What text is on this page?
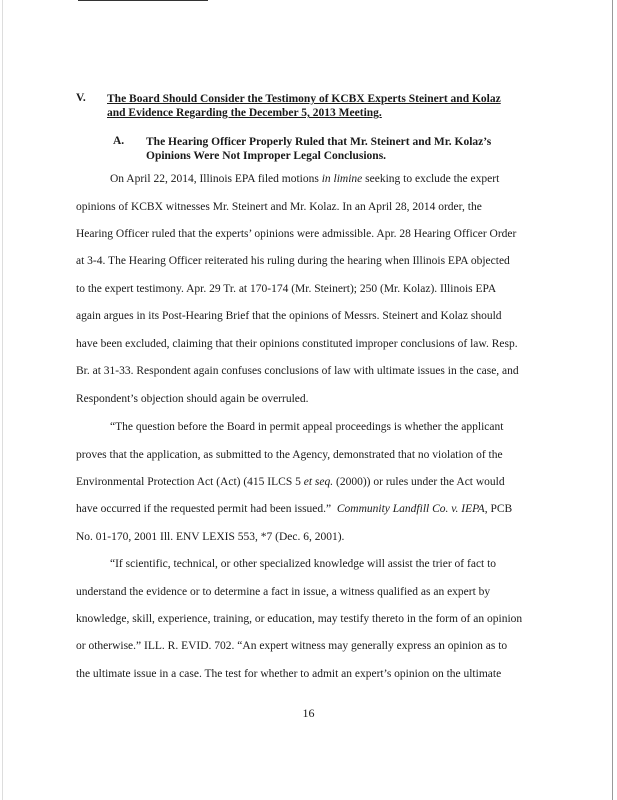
V. The Board Should Consider the Testimony of KCBX Experts Steinert and Kolaz
and Evidence Regarding the December 5, 2013 Meeting.
A. The Hearing Officer Properly Ruled that Mr. Steinert and Mr. Kolaz’s
Opinions Were Not Improper Legal Conclusions.
On April 22, 2014, Illinois EPA filed motions in limine seeking to exclude the expert
opinions of KCBX witnesses Mr. Steinert and Mr. Kolaz. In an April 28, 2014 order, the
Hearing Officer ruled that the experts’ opinions were admissible. Apr. 28 Hearing Officer Order
at 3-4. The Hearing Officer reiterated his ruling during the hearing when Illinois EPA objected
to the expert testimony. Apr. 29 Tr. at 170-174 (Mr. Steinert); 250 (Mr. Kolaz). Illinois EPA
again argues in its Post-Hearing Brief that the opinions of Messrs. Steinert and Kolaz should
have been excluded, claiming that their opinions constituted improper conclusions of law. Resp.
Br. at 31-33. Respondent again confuses conclusions of law with ultimate issues in the case, and
Respondent’s objection should again be overruled.
“The question before the Board in permit appeal proceedings is whether the applicant
proves that the application, as submitted to the Agency, demonstrated that no violation of the
Environmental Protection Act (Act) (415 ILCS 5 et seq. (2000)) or rules under the Act would
have occurred if the requested permit had been issued.”  Community Landfill Co. v. IEPA, PCB
No. 01-170, 2001 Ill. ENV LEXIS 553, *7 (Dec. 6, 2001).
“If scientific, technical, or other specialized knowledge will assist the trier of fact to
understand the evidence or to determine a fact in issue, a witness qualified as an expert by
knowledge, skill, experience, training, or education, may testify thereto in the form of an opinion
or otherwise.” ILL. R. EVID. 702. “An expert witness may generally express an opinion as to
the ultimate issue in a case. The test for whether to admit an expert’s opinion on the ultimate
16
